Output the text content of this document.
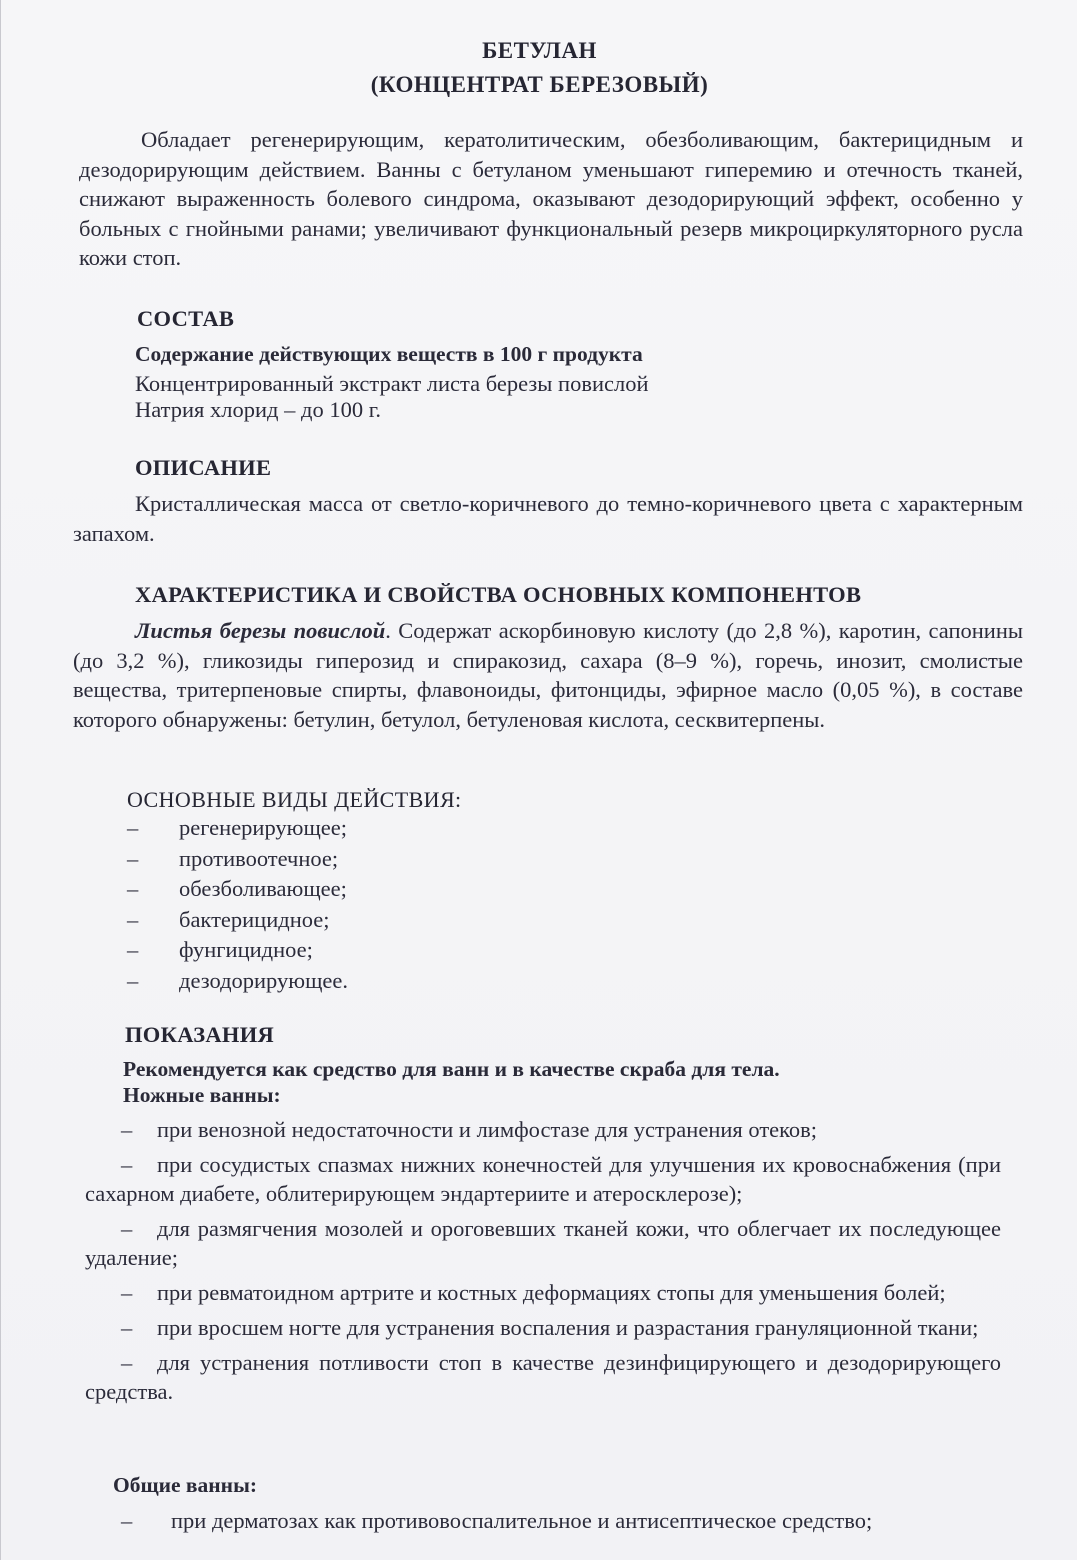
БЕТУЛАН
(КОНЦЕНТРАТ БЕРЕЗОВЫЙ)
Обладает регенерирующим, кератолитическим, обезболивающим, бактерицидным и дезодорирующим действием. Ванны с бетуланом уменьшают гиперемию и отечность тканей, снижают выраженность болевого синдрома, оказывают дезодорирующий эффект, особенно у больных с гнойными ранами; увеличивают функциональный резерв микроциркуляторного русла кожи стоп.
СОСТАВ
Содержание действующих веществ в 100 г продукта
Концентрированный экстракт листа березы повислой
Натрия хлорид – до 100 г.
ОПИСАНИЕ
Кристаллическая масса от светло-коричневого до темно-коричневого цвета с характерным запахом.
ХАРАКТЕРИСТИКА И СВОЙСТВА ОСНОВНЫХ КОМПОНЕНТОВ
Листья березы повислой. Содержат аскорбиновую кислоту (до 2,8 %), каротин, сапонины (до 3,2 %), гликозиды гиперозид и спиракозид, сахара (8–9 %), горечь, инозит, смолистые вещества, тритерпеновые спирты, флавоноиды, фитонциды, эфирное масло (0,05 %), в составе которого обнаружены: бетулин, бетулол, бетуленовая кислота, сесквитерпены.
ОСНОВНЫЕ ВИДЫ ДЕЙСТВИЯ:
– регенерирующее;
– противоотечное;
– обезболивающее;
– бактерицидное;
– фунгицидное;
– дезодорирующее.
ПОКАЗАНИЯ
Рекомендуется как средство для ванн и в качестве скраба для тела.
Ножные ванны:
– при венозной недостаточности и лимфостазе для устранения отеков;
– при сосудистых спазмах нижних конечностей для улучшения их кровоснабжения (при сахарном диабете, облитерирующем эндартериите и атеросклерозе);
– для размягчения мозолей и ороговевших тканей кожи, что облегчает их последующее удаление;
– при ревматоидном артрите и костных деформациях стопы для уменьшения болей;
– при вросшем ногте для устранения воспаления и разрастания грануляционной ткани;
– для устранения потливости стоп в качестве дезинфицирующего и дезодорирующего средства.
Общие ванны:
– при дерматозах как противовоспалительное и антисептическое средство;
